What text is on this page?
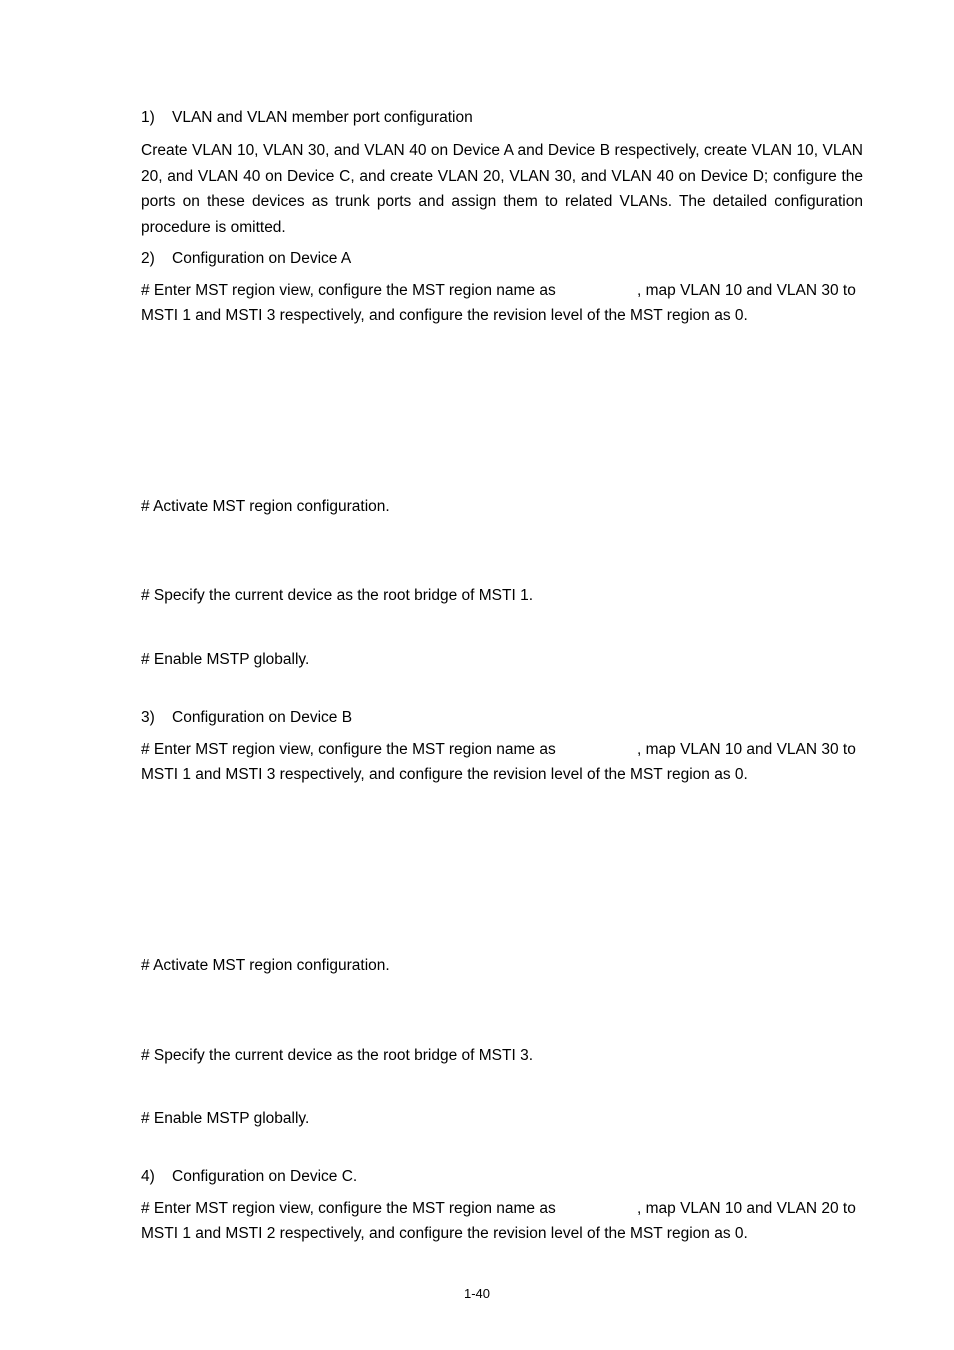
1) VLAN and VLAN member port configuration
Create VLAN 10, VLAN 30, and VLAN 40 on Device A and Device B respectively, create VLAN 10, VLAN 20, and VLAN 40 on Device C, and create VLAN 20, VLAN 30, and VLAN 40 on Device D; configure the ports on these devices as trunk ports and assign them to related VLANs. The detailed configuration procedure is omitted.
2) Configuration on Device A
# Enter MST region view, configure the MST region name as	, map VLAN 10 and VLAN 30 to
MSTI 1 and MSTI 3 respectively, and configure the revision level of the MST region as 0.
# Activate MST region configuration.
# Specify the current device as the root bridge of MSTI 1.
# Enable MSTP globally.
3) Configuration on Device B
# Enter MST region view, configure the MST region name as	, map VLAN 10 and VLAN 30 to
MSTI 1 and MSTI 3 respectively, and configure the revision level of the MST region as 0.
# Activate MST region configuration.
# Specify the current device as the root bridge of MSTI 3.
# Enable MSTP globally.
4) Configuration on Device C.
# Enter MST region view, configure the MST region name as	, map VLAN 10 and VLAN 20 to
MSTI 1 and MSTI 2 respectively, and configure the revision level of the MST region as 0.
1-40
